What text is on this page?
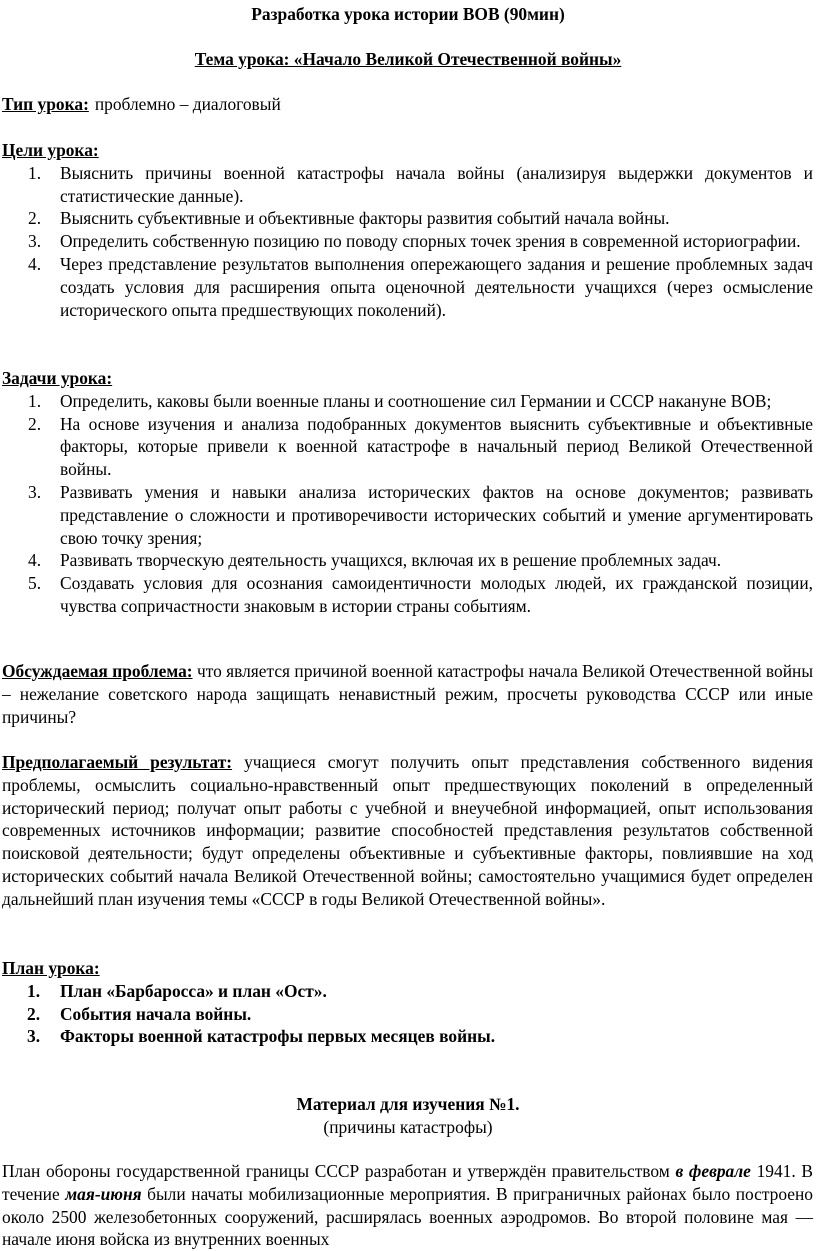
Разработка урока истории ВОВ (90мин)
Тема урока: «Начало Великой Отечественной войны»
Тип урока: проблемно – диалоговый
Цели урока:
1. Выяснить причины военной катастрофы начала войны (анализируя выдержки документов и статистические данные).
2. Выяснить субъективные и объективные факторы развития событий начала войны.
3. Определить собственную позицию по поводу спорных точек зрения в современной историографии.
4. Через представление результатов выполнения опережающего задания и решение проблемных задач создать условия для расширения опыта оценочной деятельности учащихся (через осмысление исторического опыта предшествующих поколений).
Задачи урока:
1. Определить, каковы были военные планы и соотношение сил Германии и СССР накануне ВОВ;
2. На основе изучения и анализа подобранных документов выяснить субъективные и объективные факторы, которые привели к военной катастрофе в начальный период Великой Отечественной войны.
3. Развивать умения и навыки анализа исторических фактов на основе документов; развивать представление о сложности и противоречивости исторических событий и умение аргументировать свою точку зрения;
4. Развивать творческую деятельность учащихся, включая их в решение проблемных задач.
5. Создавать условия для осознания самоидентичности молодых людей, их гражданской позиции, чувства сопричастности знаковым в истории страны событиям.
Обсуждаемая проблема: что является причиной военной катастрофы начала Великой Отечественной войны – нежелание советского народа защищать ненавистный режим, просчеты руководства СССР или иные причины?
Предполагаемый результат: учащиеся смогут получить опыт представления собственного видения проблемы, осмыслить социально-нравственный опыт предшествующих поколений в определенный исторический период; получат опыт работы с учебной и внеучебной информацией, опыт использования современных источников информации; развитие способностей представления результатов собственной поисковой деятельности; будут определены объективные и субъективные факторы, повлиявшие на ход исторических событий начала Великой Отечественной войны; самостоятельно учащимися будет определен дальнейший план изучения темы «СССР в годы Великой Отечественной войны».
План урока:
1. План «Барбаросса» и план «Ост».
2. События начала войны.
3. Факторы военной катастрофы первых месяцев войны.
Материал для изучения №1.
(причины катастрофы)
План обороны государственной границы СССР разработан и утверждён правительством в феврале 1941. В течение мая-июня были начаты мобилизационные мероприятия. В приграничных районах было построено около 2500 железобетонных сооружений, расширялась военных аэродромов. Во второй половине мая — начале июня войска из внутренних военных
